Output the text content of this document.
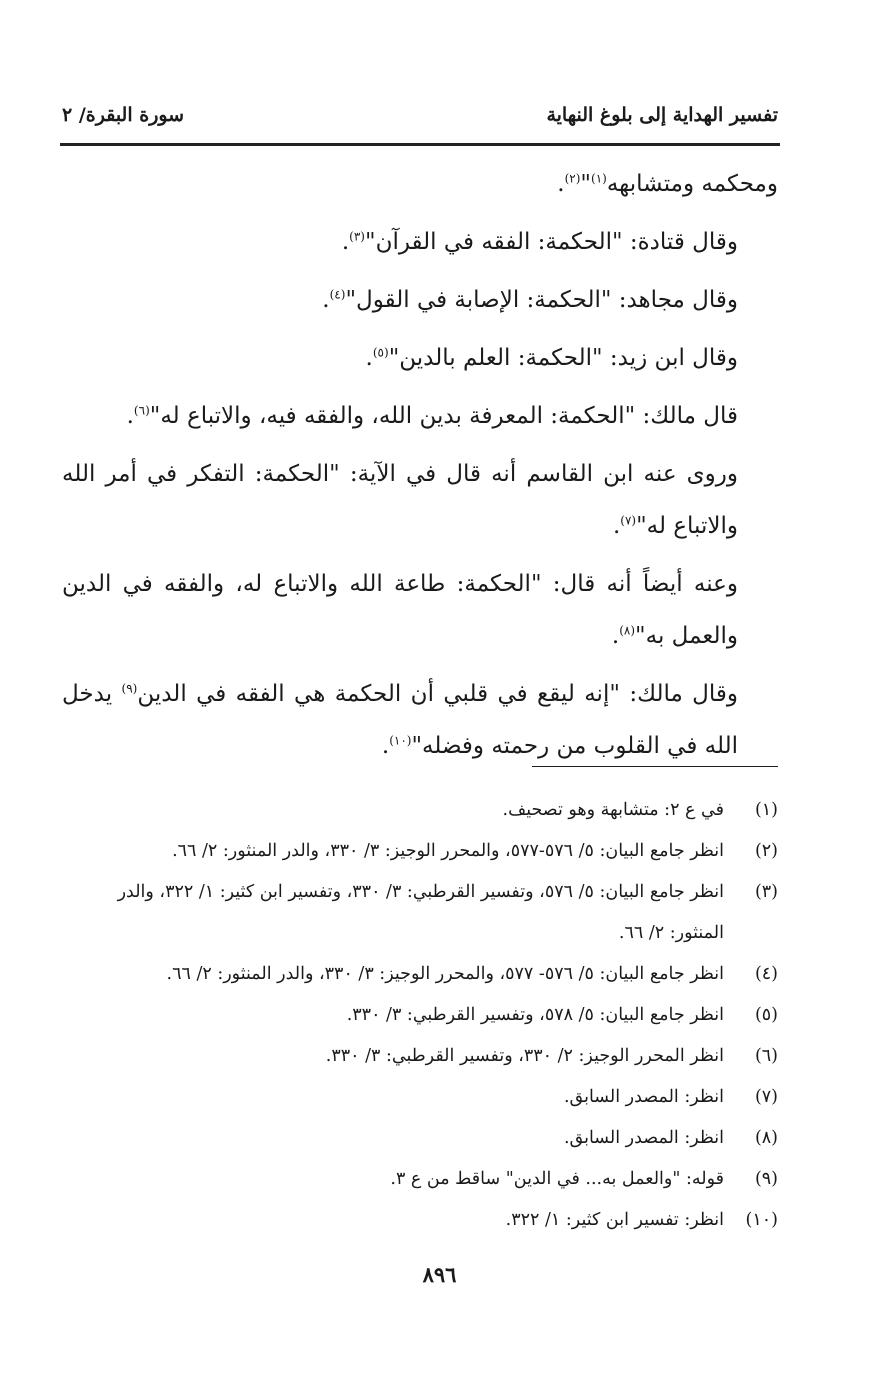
تفسير الهداية إلى بلوغ النهاية
سورة البقرة/ ٢

ومحكمه ومتشابهه$^{(١)}$"$^{(٢)}$.

وقال قتادة: "الحكمة: الفقه في القرآن"$^{(٣)}$.

وقال مجاهد: "الحكمة: الإصابة في القول"$^{(٤)}$.

وقال ابن زيد: "الحكمة: العلم بالدين"$^{(٥)}$.

قال مالك: "الحكمة: المعرفة بدين الله، والفقه فيه، والاتباع له"$^{(٦)}$.

وروى عنه ابن القاسم أنه قال في الآية: "الحكمة: التفكر في أمر الله والاتباع له"$^{(٧)}$.

وعنه أيضاً أنه قال: "الحكمة: طاعة الله والاتباع له، والفقه في الدين والعمل به"$^{(٨)}$.

وقال مالك: "إنه ليقع في قلبي أن الحكمة هي الفقه في الدين$^{(٩)}$ يدخل الله في القلوب من رحمته وفضله"$^{(١٠)}$.

(١)
في ع ٢: متشابهة وهو تصحيف.
(٢)
انظر جامع البيان: ٥/ ٥٧٦-٥٧٧، والمحرر الوجيز: ٣/ ٣٣٠، والدر المنثور: ٢/ ٦٦.
(٣)
انظر جامع البيان: ٥/ ٥٧٦، وتفسير القرطبي: ٣/ ٣٣٠، وتفسير ابن كثير: ١/ ٣٢٢، والدر المنثور: ٢/ ٦٦.
(٤)
انظر جامع البيان: ٥/ ٥٧٦- ٥٧٧، والمحرر الوجيز: ٣/ ٣٣٠، والدر المنثور: ٢/ ٦٦.
(٥)
انظر جامع البيان: ٥/ ٥٧٨، وتفسير القرطبي: ٣/ ٣٣٠.
(٦)
انظر المحرر الوجيز: ٢/ ٣٣٠، وتفسير القرطبي: ٣/ ٣٣٠.
(٧)
انظر: المصدر السابق.
(٨)
انظر: المصدر السابق.
(٩)
قوله: "والعمل به... في الدين" ساقط من ع ٣.
(١٠)
انظر: تفسير ابن كثير: ١/ ٣٢٢.
٨٩٦
